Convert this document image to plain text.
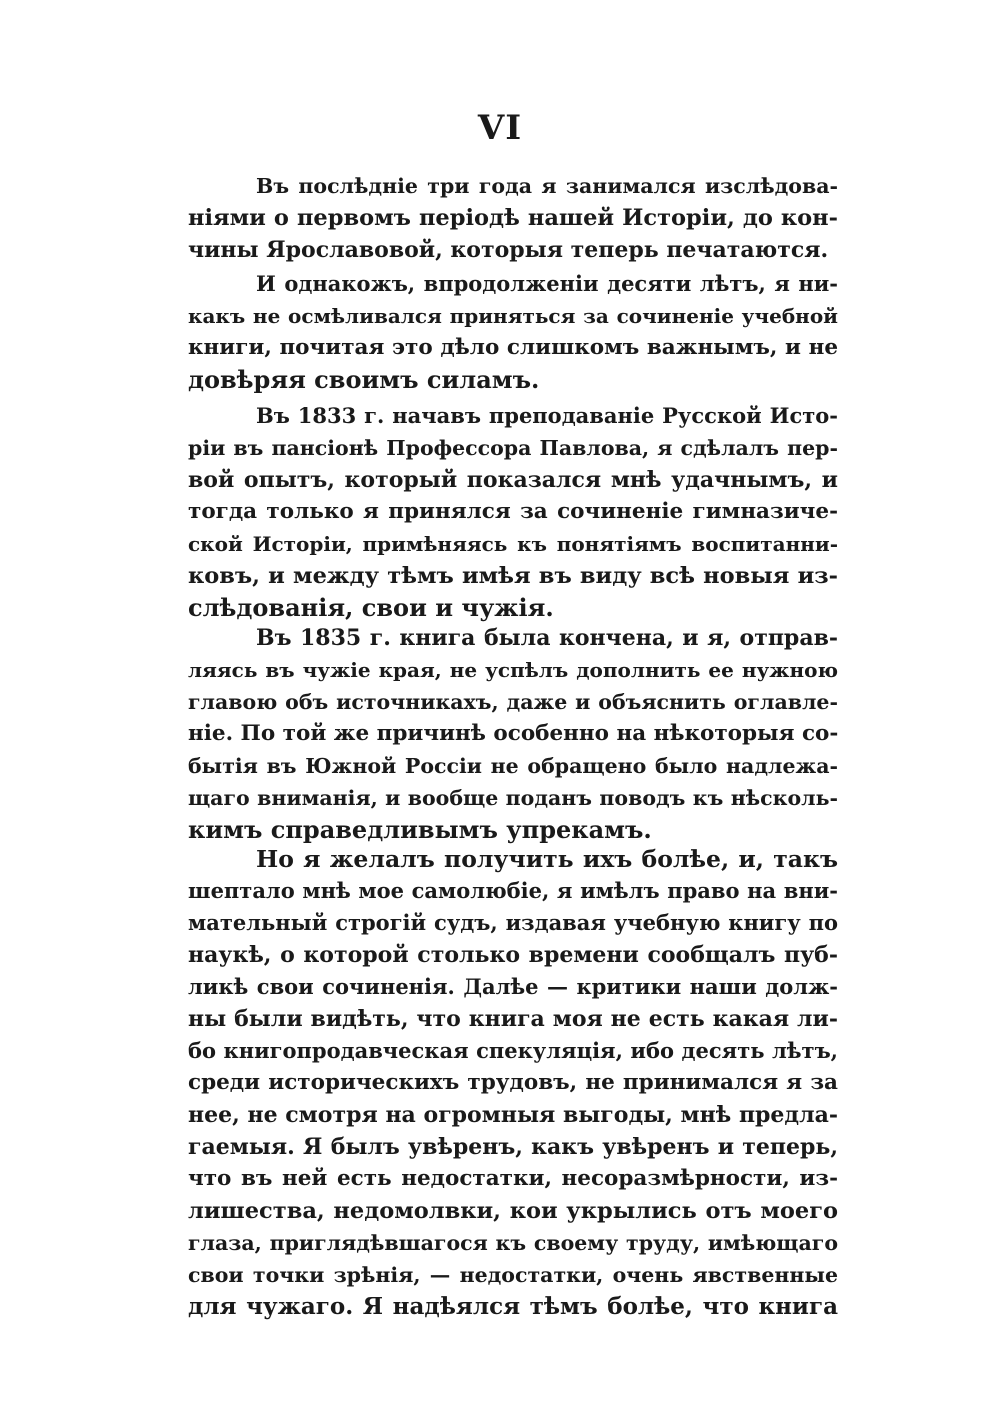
VI
Въ послѣдніе три года я занимался изслѣдова-
ніями о первомъ періодѣ нашей Исторіи, до кон-
чины Ярославовой, которыя теперь печатаются.
И однакожъ, впродолженіи десяти лѣтъ, я ни-
какъ не осмѣливался приняться за сочиненіе учебной
книги, почитая это дѣло слишкомъ важнымъ, и не
довѣряя своимъ силамъ.
Въ 1833 г. начавъ преподаваніе Русской Исто-
ріи въ пансіонѣ Профессора Павлова, я сдѣлалъ пер-
вой опытъ, который показался мнѣ удачнымъ, и
тогда только я принялся за сочиненіе гимназиче-
ской Исторіи, примѣняясь къ понятіямъ воспитанни-
ковъ, и между тѣмъ имѣя въ виду всѣ новыя из-
слѣдованія, свои и чужія.
Въ 1835 г. книга была кончена, и я, отправ-
ляясь въ чужіе края, не успѣлъ дополнить ее нужною
главою объ источникахъ, даже и объяснить оглавле-
ніе. По той же причинѣ особенно на нѣкоторыя со-
бытія въ Южной Россіи не обращено было надлежа-
щаго вниманія, и вообще поданъ поводъ къ нѣсколь-
кимъ справедливымъ упрекамъ.
Но я желалъ получить ихъ болѣе, и, такъ
шептало мнѣ мое самолюбіе, я имѣлъ право на вни-
мательный строгій судъ, издавая учебную книгу по
наукѣ, о которой столько времени сообщалъ пуб-
ликѣ свои сочиненія. Далѣе — критики наши долж-
ны были видѣть, что книга моя не есть какая ли-
бо книгопродавческая спекуляція, ибо десять лѣтъ,
среди историческихъ трудовъ, не принимался я за
нее, не смотря на огромныя выгоды, мнѣ предла-
гаемыя. Я былъ увѣренъ, какъ увѣренъ и теперь,
что въ ней есть недостатки, несоразмѣрности, из-
лишества, недомолвки, кои укрылись отъ моего
глаза, приглядѣвшагося къ своему труду, имѣющаго
свои точки зрѣнія, — недостатки, очень явственные
для чужаго. Я надѣялся тѣмъ болѣе, что книга
